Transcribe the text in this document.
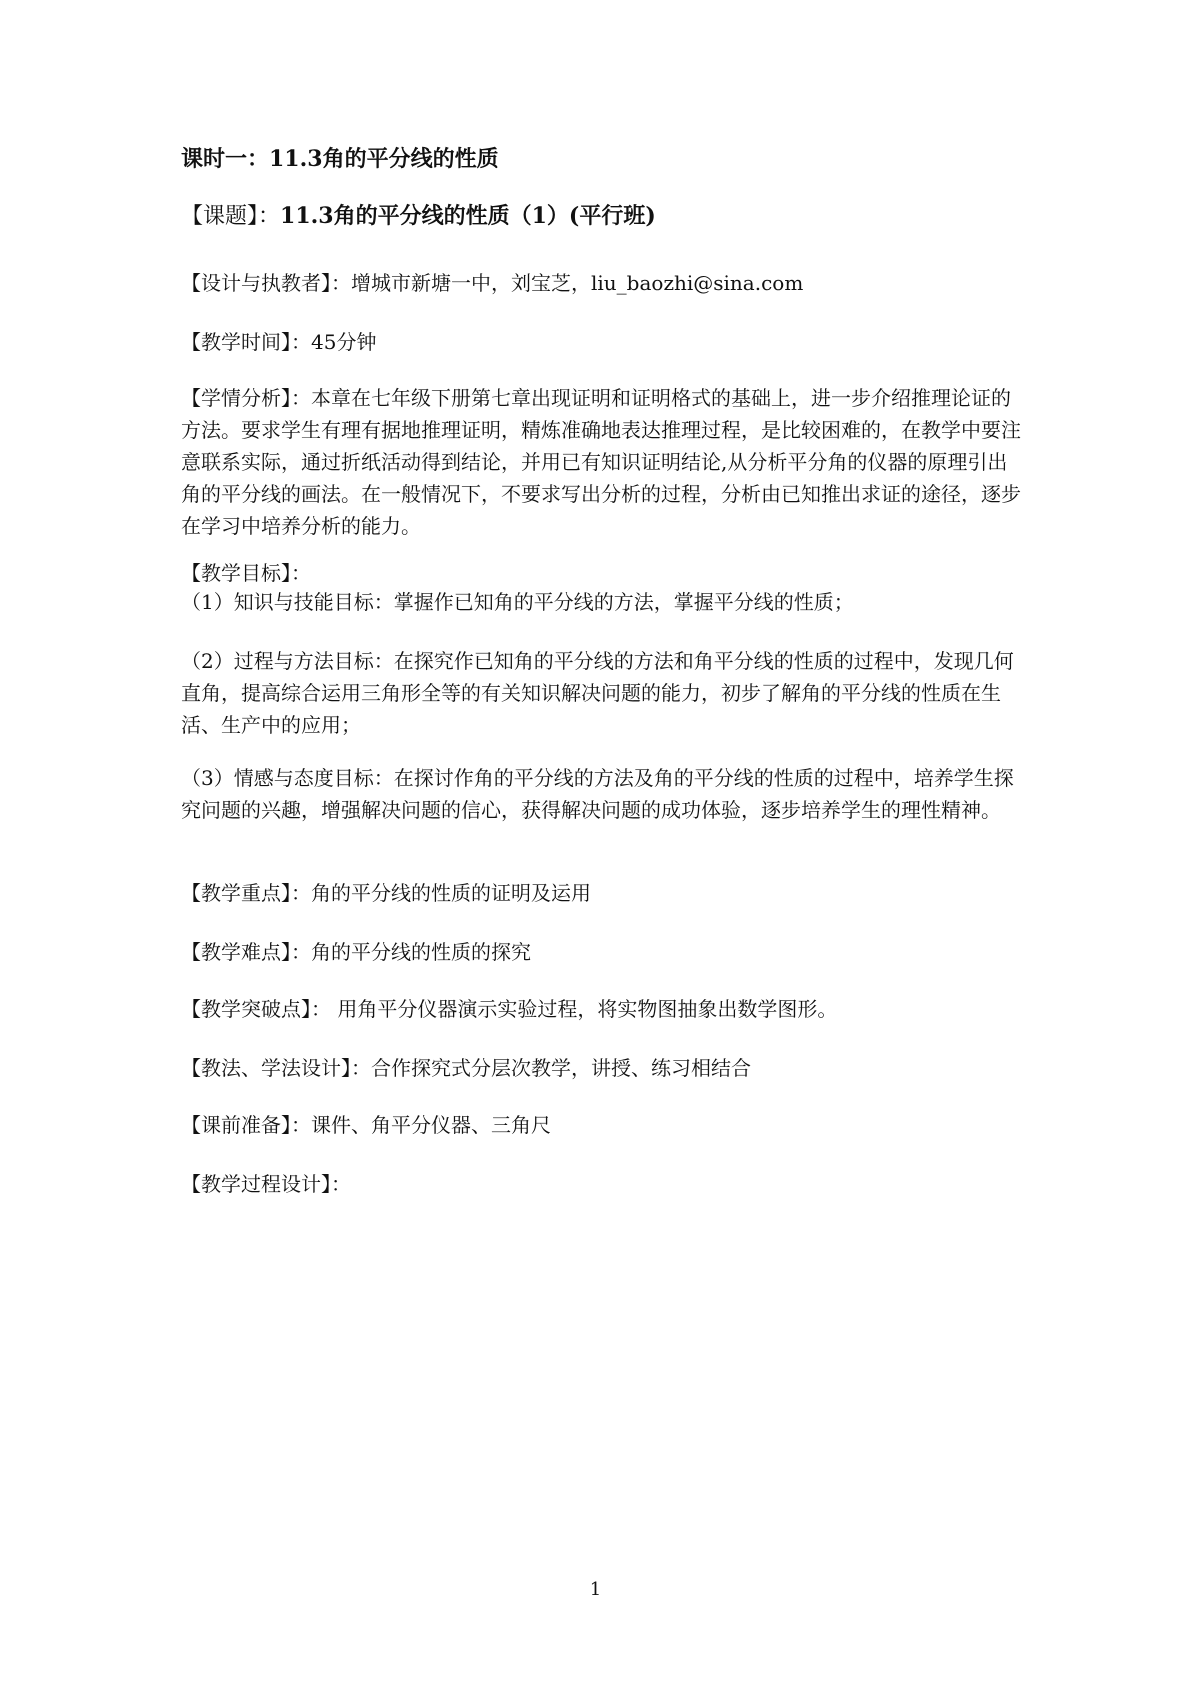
课时一：11.3角的平分线的性质

【课题】：11.3角的平分线的性质（1）(平行班)

【设计与执教者】：增城市新塘一中，刘宝芝，liu_baozhi@sina.com

【教学时间】：45分钟

【学情分析】：本章在七年级下册第七章出现证明和证明格式的基础上，进一步介绍推理论证的方法。要求学生有理有据地推理证明，精炼准确地表达推理过程，是比较困难的，在教学中要注意联系实际，通过折纸活动得到结论，并用已有知识证明结论,从分析平分角的仪器的原理引出角的平分线的画法。在一般情况下，不要求写出分析的过程，分析由已知推出求证的途径，逐步在学习中培养分析的能力。

【教学目标】：

（1）知识与技能目标：掌握作已知角的平分线的方法，掌握平分线的性质；

（2）过程与方法目标：在探究作已知角的平分线的方法和角平分线的性质的过程中，发现几何直角，提高综合运用三角形全等的有关知识解决问题的能力，初步了解角的平分线的性质在生活、生产中的应用；

（3）情感与态度目标：在探讨作角的平分线的方法及角的平分线的性质的过程中，培养学生探究问题的兴趣，增强解决问题的信心，获得解决问题的成功体验，逐步培养学生的理性精神。

【教学重点】：角的平分线的性质的证明及运用

【教学难点】：角的平分线的性质的探究

【教学突破点】： 用角平分仪器演示实验过程，将实物图抽象出数学图形。

【教法、学法设计】：合作探究式分层次教学，讲授、练习相结合

【课前准备】：课件、角平分仪器、三角尺

【教学过程设计】：

1
